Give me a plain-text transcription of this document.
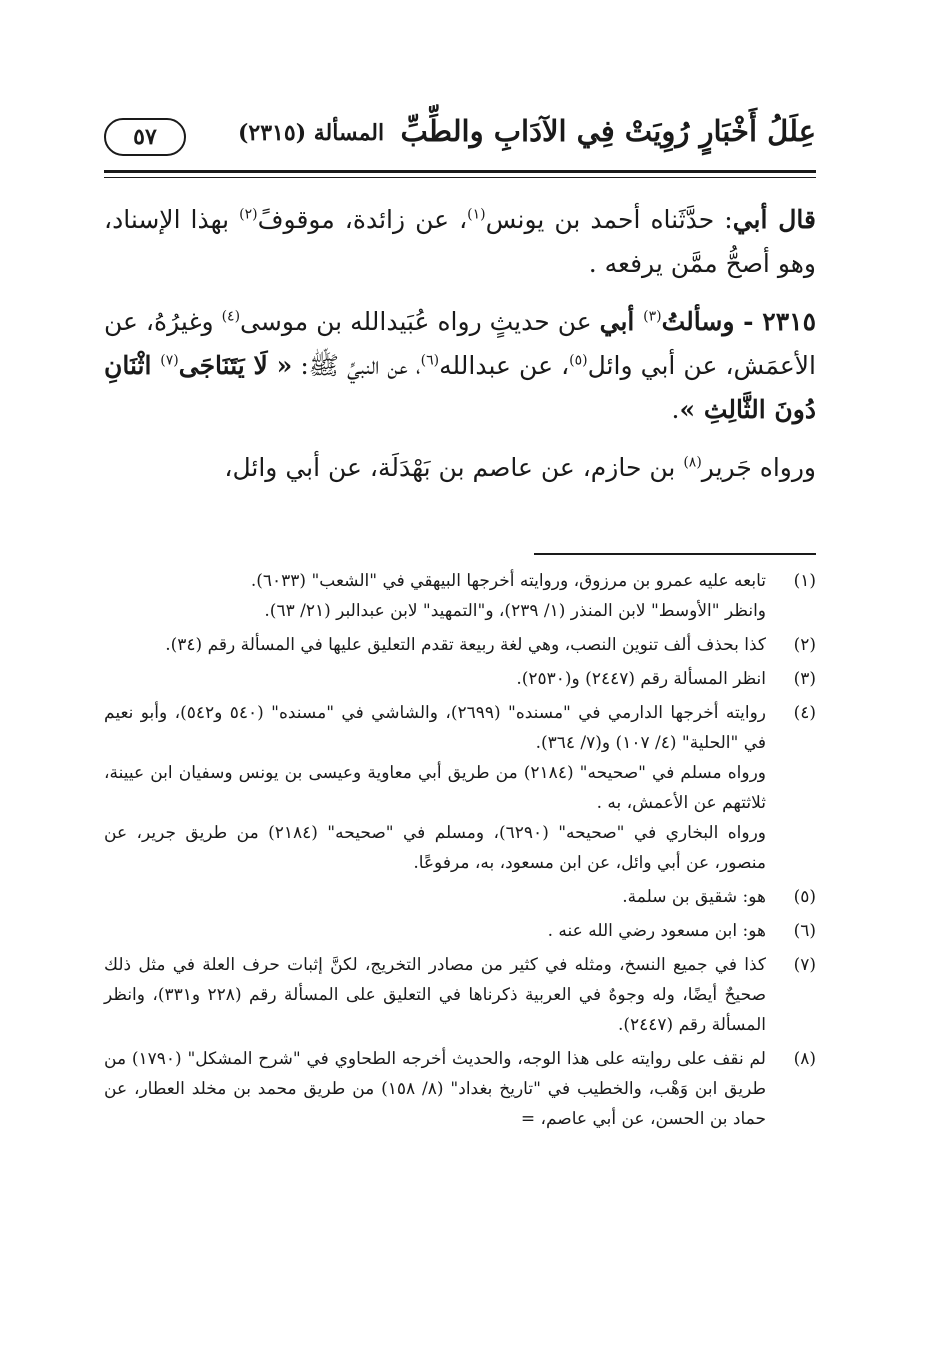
عِلَلُ أَخْبَارٍ رُوِيَتْ فِي الآدَابِ والطِّبِّ
المسألة (٢٣١٥)
٥٧

قال أبي: حدَّثَناه أحمد بن يونس$^{(١)}$، عن زائدة، موقوفً$^{(٢)}$ بهذا الإسناد، وهو أصحُّ ممَّن يرفعه .

٢٣١٥ - وسألتُ$^{(٣)}$ أبي عن حديثٍ رواه عُبَيدالله بن موسى$^{(٤)}$ وغيرُهُ، عن الأعمَش، عن أبي وائل$^{(٥)}$، عن عبدالله$^{(٦)}$، عن النبيِّ ﷺ: « لَا يَتَنَاجَى$^{(٧)}$ اثْنَانِ دُونَ الثَّالِثِ ».

ورواه جَرير$^{(٨)}$ بن حازم، عن عاصم بن بَهْدَلَة، عن أبي وائل،

(١)
تابعه عليه عمرو بن مرزوق، وروايته أخرجها البيهقي في "الشعب" (٦٠٣٣).
وانظر "الأوسط" لابن المنذر (١/ ٢٣٩)، و"التمهيد" لابن عبدالبر (٢١/ ٦٣).
(٢)
كذا بحذف ألف تنوين النصب، وهي لغة ربيعة تقدم التعليق عليها في المسألة رقم (٣٤).
(٣)
انظر المسألة رقم (٢٤٤٧) و(٢٥٣٠).
(٤)
روايته أخرجها الدارمي في "مسنده" (٢٦٩٩)، والشاشي في "مسنده" (٥٤٠ و٥٤٢)، وأبو نعيم في "الحلية" (٤/ ١٠٧) و(٧/ ٣٦٤).
ورواه مسلم في "صحيحه" (٢١٨٤) من طريق أبي معاوية وعيسى بن يونس وسفيان ابن عيينة، ثلاثتهم عن الأعمش، به .
ورواه البخاري في "صحيحه" (٦٢٩٠)، ومسلم في "صحيحه" (٢١٨٤) من طريق جرير، عن منصور، عن أبي وائل، عن ابن مسعود، به، مرفوعًا.
(٥)
هو: شقيق بن سلمة.
(٦)
هو: ابن مسعود رضي الله عنه .
(٧)
كذا في جميع النسخ، ومثله في كثير من مصادر التخريج، لكنَّ إثبات حرف العلة في مثل ذلك صحيحٌ أيضًا، وله وجوهٌ في العربية ذكرناها في التعليق على المسألة رقم (٢٢٨ و٣٣١)، وانظر المسألة رقم (٢٤٤٧).
(٨)
لم نقف على روايته على هذا الوجه، والحديث أخرجه الطحاوي في "شرح المشكل" (١٧٩٠) من طريق ابن وَهْب، والخطيب في "تاريخ بغداد" (٨/ ١٥٨) من طريق محمد بن مخلد العطار، عن حماد بن الحسن، عن أبي عاصم، =
